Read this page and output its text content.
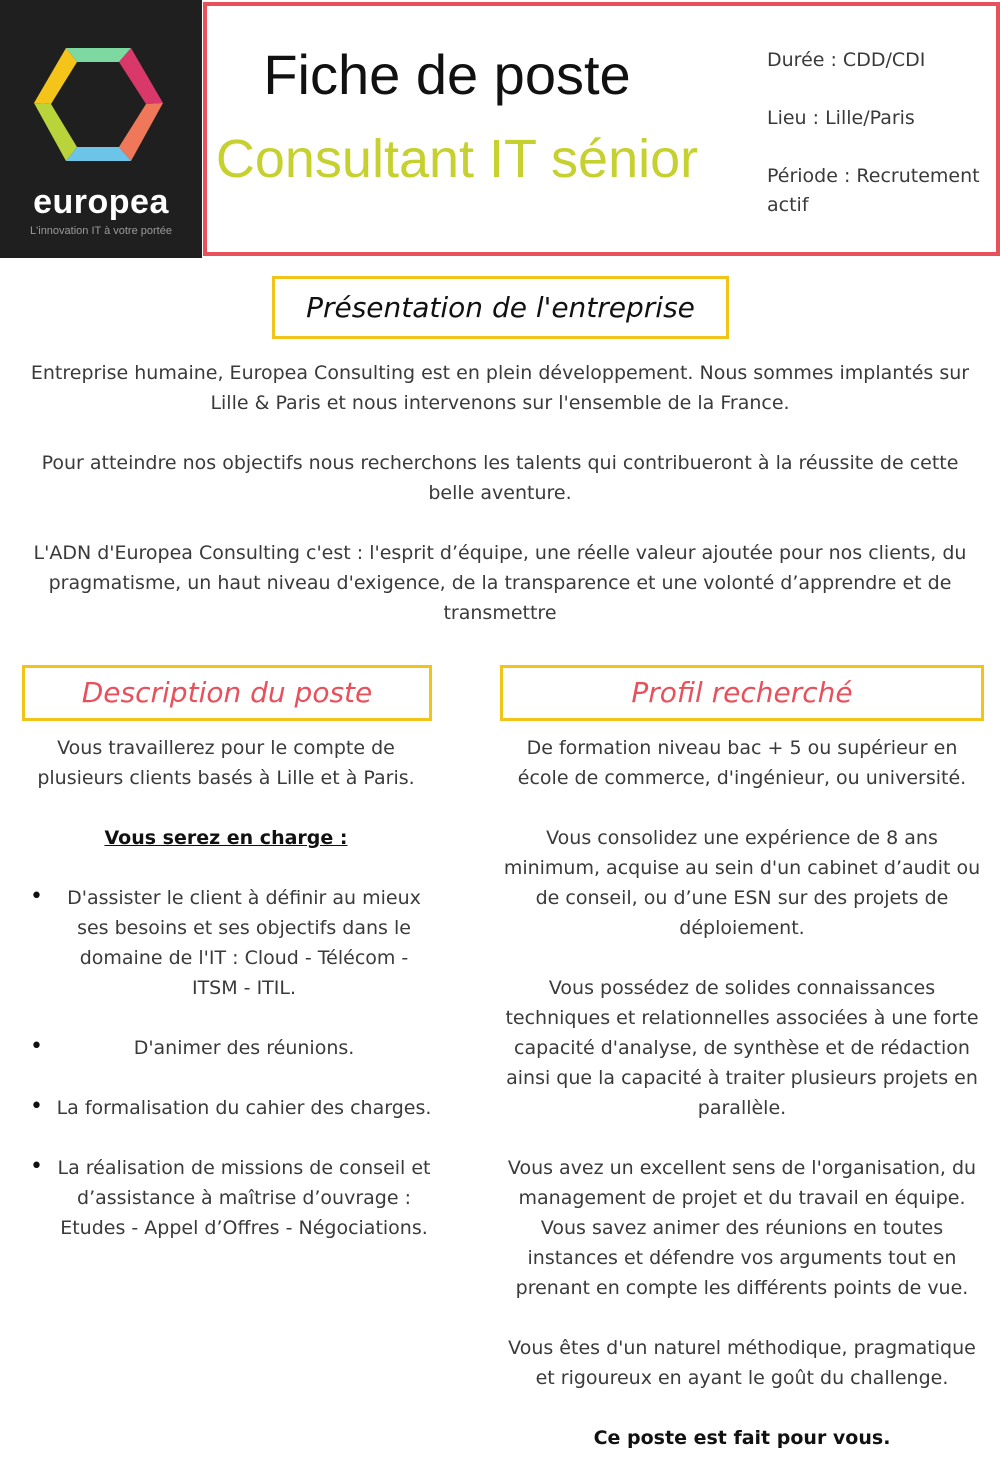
europea
L'innovation IT à votre portée
Fiche de poste
Consultant IT sénior
Durée : CDD/CDI
Lieu : Lille/Paris
Période : Recrutement actif
Présentation de l'entreprise

Entreprise humaine, Europea Consulting est en plein développement. Nous sommes implantés sur Lille & Paris et nous intervenons sur l'ensemble de la France.

Pour atteindre nos objectifs nous recherchons les talents qui contribueront à la réussite de cette belle aventure.

L'ADN d'Europea Consulting c'est : l'esprit d’équipe, une réelle valeur ajoutée pour nos clients, du pragmatisme, un haut niveau d'exigence, de la transparence et une volonté d’apprendre et de transmettre

Description du poste	Profil recherché

Vous travaillerez pour le compte de plusieurs clients basés à Lille et à Paris.

Vous serez en charge :

• D'assister le client à définir au mieux ses besoins et ses objectifs dans le domaine de l'IT : Cloud - Télécom - ITSM - ITIL.
•	D'animer des réunions.
• La formalisation du cahier des charges.
• La réalisation de missions de conseil et d’assistance à maîtrise d’ouvrage : Etudes - Appel d’Offres - Négociations.

De formation niveau bac + 5 ou supérieur en école de commerce, d'ingénieur, ou université.

Vous consolidez une expérience de 8 ans minimum, acquise au sein d'un cabinet d’audit ou de conseil, ou d’une ESN sur des projets de déploiement.

Vous possédez de solides connaissances techniques et relationnelles associées à une forte capacité d'analyse, de synthèse et de rédaction ainsi que la capacité à traiter plusieurs projets en parallèle.

Vous avez un excellent sens de l'organisation, du management de projet et du travail en équipe. Vous savez animer des réunions en toutes instances et défendre vos arguments tout en prenant en compte les différents points de vue.

Vous êtes d'un naturel méthodique, pragmatique et rigoureux en ayant le goût du challenge.

Ce poste est fait pour vous.
